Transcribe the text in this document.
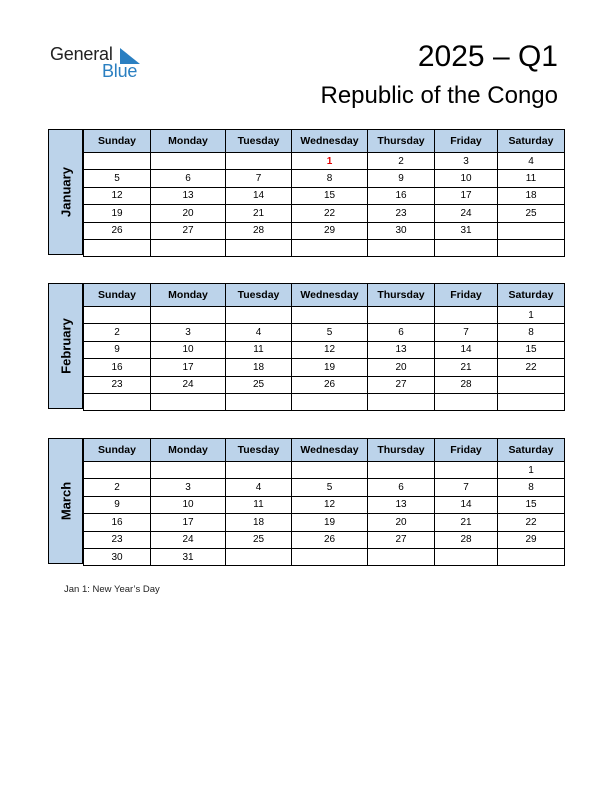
General
Blue	2025 – Q1
Republic of the Congo
January
Sunday	Monday	Tuesday	Wednesday	Thursday	Friday	Saturday
			1	2	3	4
5	6	7	8	9	10	11
12	13	14	15	16	17	18
19	20	21	22	23	24	25
26	27	28	29	30	31	

February
Sunday	Monday	Tuesday	Wednesday	Thursday	Friday	Saturday
						1
2	3	4	5	6	7	8
9	10	11	12	13	14	15
16	17	18	19	20	21	22
23	24	25	26	27	28	

March
Sunday	Monday	Tuesday	Wednesday	Thursday	Friday	Saturday
						1
2	3	4	5	6	7	8
9	10	11	12	13	14	15
16	17	18	19	20	21	22
23	24	25	26	27	28	29
30	31					
Jan 1: New Year’s Day
